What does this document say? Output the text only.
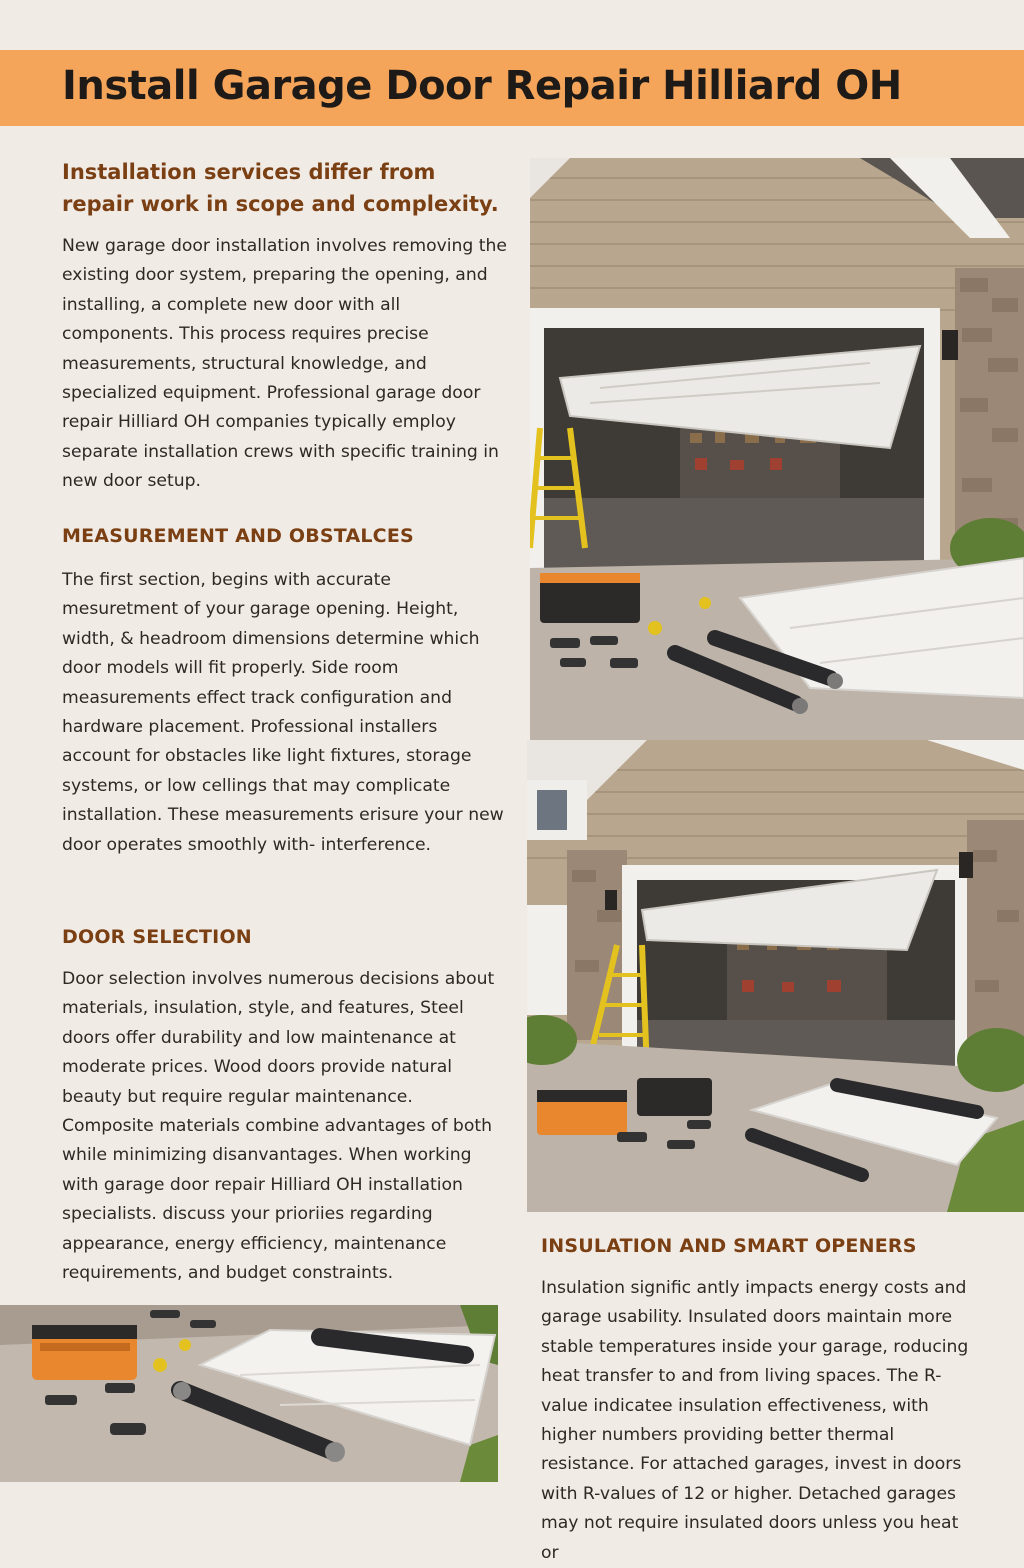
Install Garage Door Repair Hilliard OH

Installation services differ from repair work in scope and complexity.

New garage door installation involves removing the existing door system, preparing the opening, and installing, a complete new door with all components. This process requires precise measurements, structural knowledge, and specialized equipment. Professional garage door repair Hilliard OH companies typically employ separate installation crews with specific training in new door setup.

MEASUREMENT AND OBSTALCES

The first section, begins with accurate mesuretment of your garage opening. Height, width, & headroom dimensions determine which door models will fit properly. Side room measurements effect track configuration and hardware placement. Professional installers account for obstacles like light fixtures, storage systems, or low cellings that may complicate installation. These measurements erisure your new door operates smoothly with- interference.

DOOR SELECTION

Door selection involves numerous decisions about materials, insulation, style, and features, Steel doors offer durability and low maintenance at moderate prices. Wood doors provide natural beauty but require regular maintenance. Composite materials combine advantages of both while minimizing disanvantages. When working with garage door repair Hilliard OH installation specialists. discuss your prioriies regarding appearance, energy efficiency, maintenance requirements, and budget constraints.

INSULATION AND SMART OPENERS

Insulation signific antly impacts energy costs and garage usability. Insulated doors maintain more stable temperatures inside your garage, roducing heat transfer to and from living spaces. The R-value indicatee insulation effectiveness, with higher numbers providing better thermal resistance. For attached garages, invest in doors with R-values of 12 or higher. Detached garages may not require insulated doors unless you heat or
